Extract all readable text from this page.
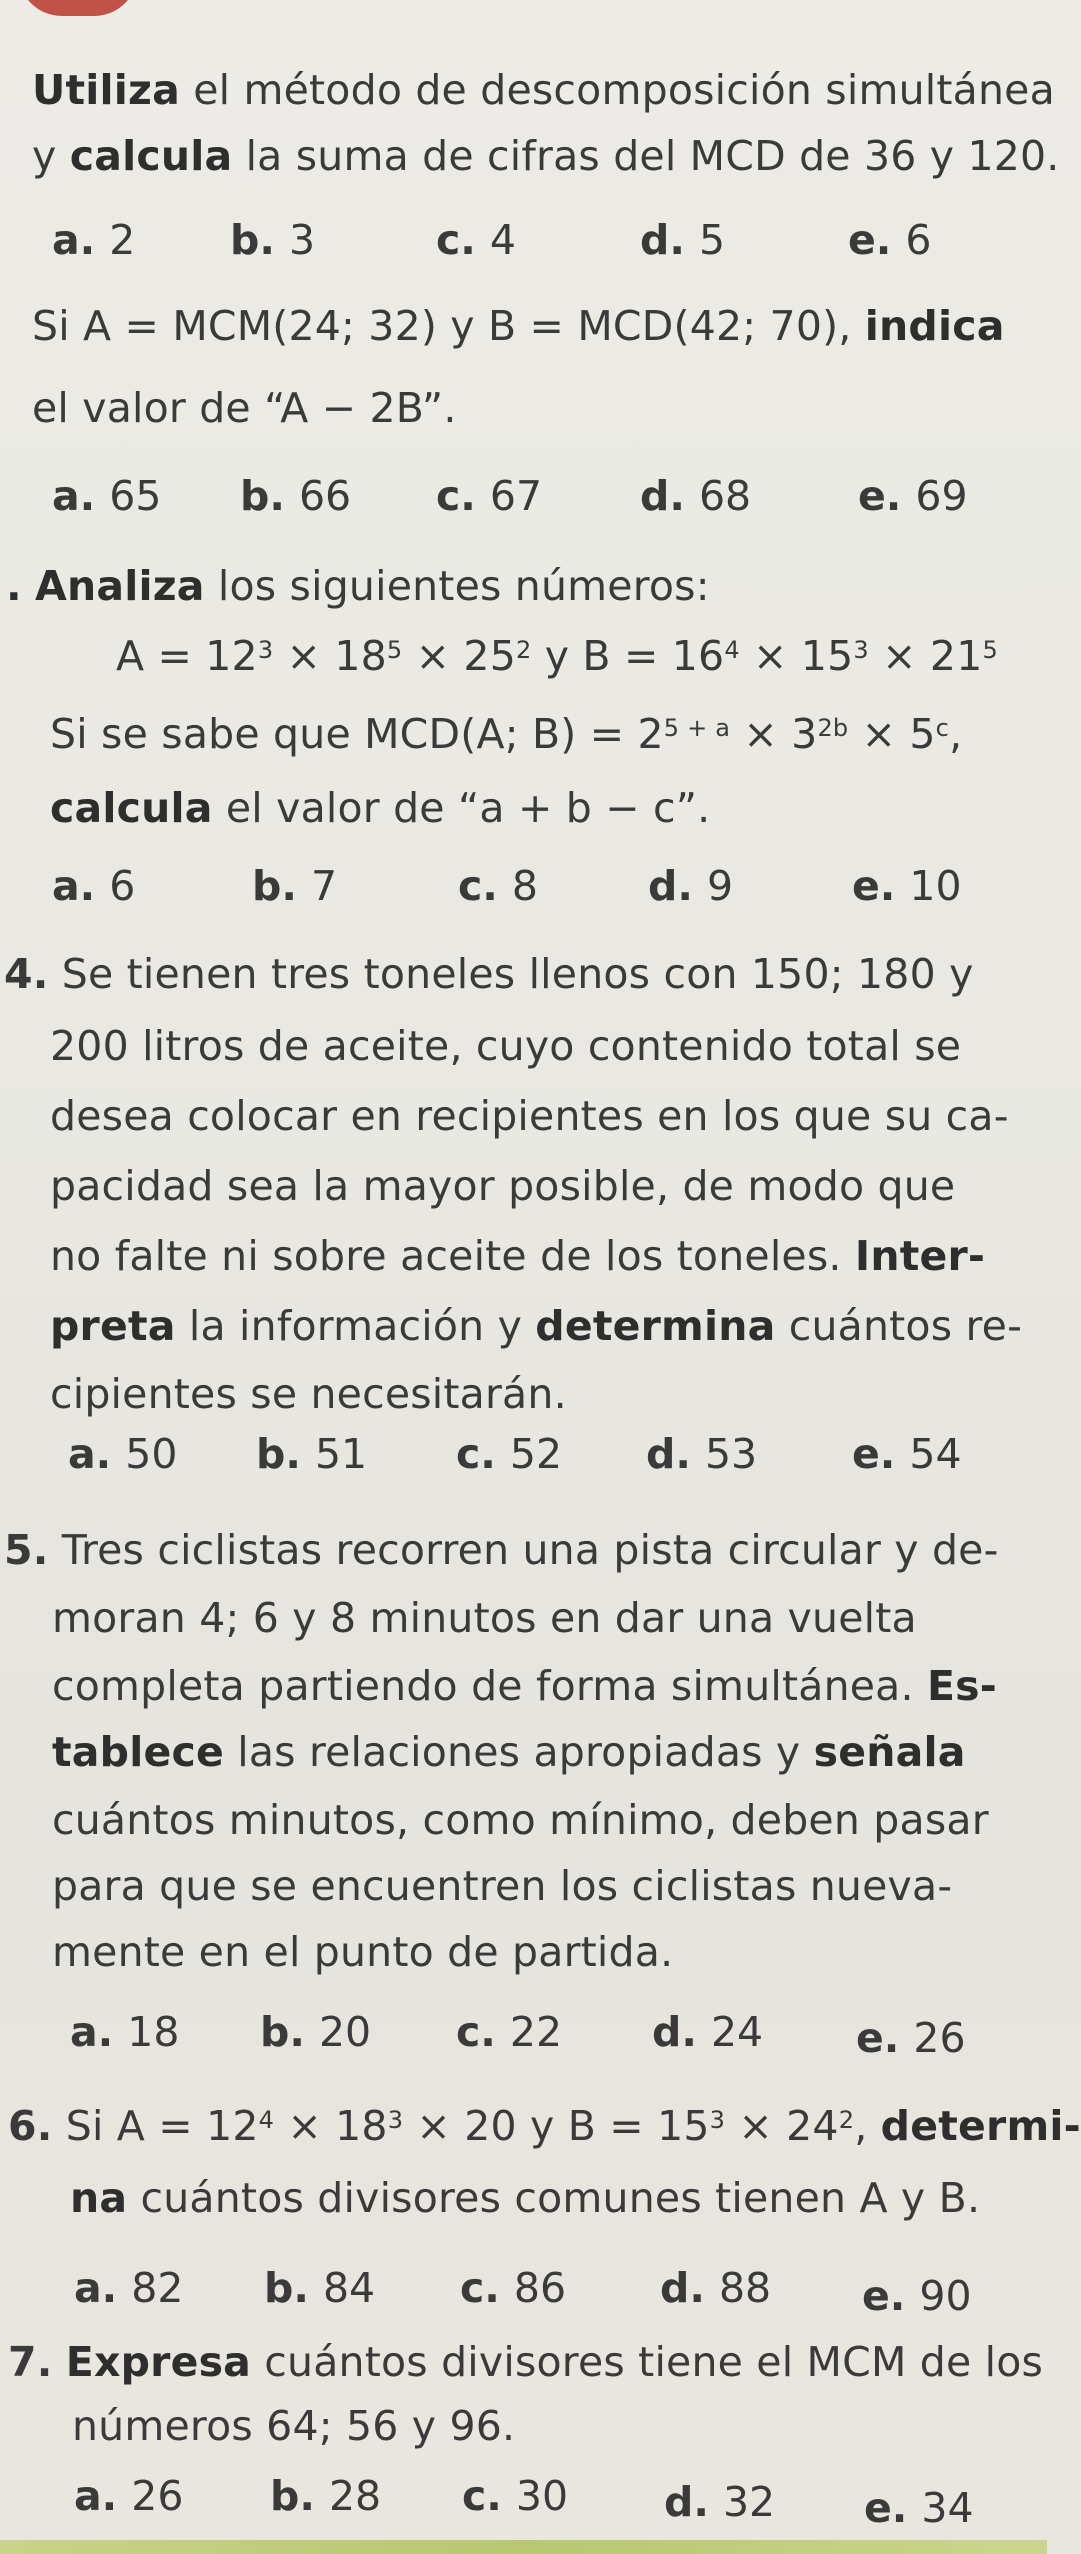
Utiliza el método de descomposición simultánea
y calcula la suma de cifras del MCD de 36 y 120.
a. 2 b. 3	c. 4	d. 5	e. 6
Si A = MCM(24; 32) y B = MCD(42; 70), indica
el valor de “A − 2B”.
a. 65 b. 66 c. 67 d. 68	e. 69
. Analiza los siguientes números:
$A = 12^3 \times 18^5 \times 25^2$ y $B = 16^4 \times 15^3 \times 21^5$
Si se sabe que MCD(A; $B) = 2^{5 + a} \times 3^{2b} \times 5^c$,
calcula el valor de “a + b − c”.
a. 6	b. 7	c. 8	d. 9	e. 10
4. Se tienen tres toneles llenos con 150; 180 y
200 litros de aceite, cuyo contenido total se
desea colocar en recipientes en los que su ca-
pacidad sea la mayor posible, de modo que
no falte ni sobre aceite de los toneles. Inter-
preta la información y determina cuántos re-
cipientes se necesitarán.
a. 50 b. 51 c. 52 d. 53 e. 54
5. Tres ciclistas recorren una pista circular y de-
moran 4; 6 y 8 minutos en dar una vuelta
completa partiendo de forma simultánea. Es-
tablece las relaciones apropiadas y señala
cuántos minutos, como mínimo, deben pasar
para que se encuentren los ciclistas nueva-
mente en el punto de partida.
a. 18 b. 20 c. 22 d. 24 e. 26
6. Si $A = 12^4 \times 18^3 \times 20$ y $B = 15^3 \times 24^2$, determi-
na cuántos divisores comunes tienen A y B.
a. 82 b. 84 c. 86 d. 88 e. 90
7. Expresa cuántos divisores tiene el MCM de los
números 64; 56 y 96.
a. 26 b. 28 c. 30 d. 32 e. 34
